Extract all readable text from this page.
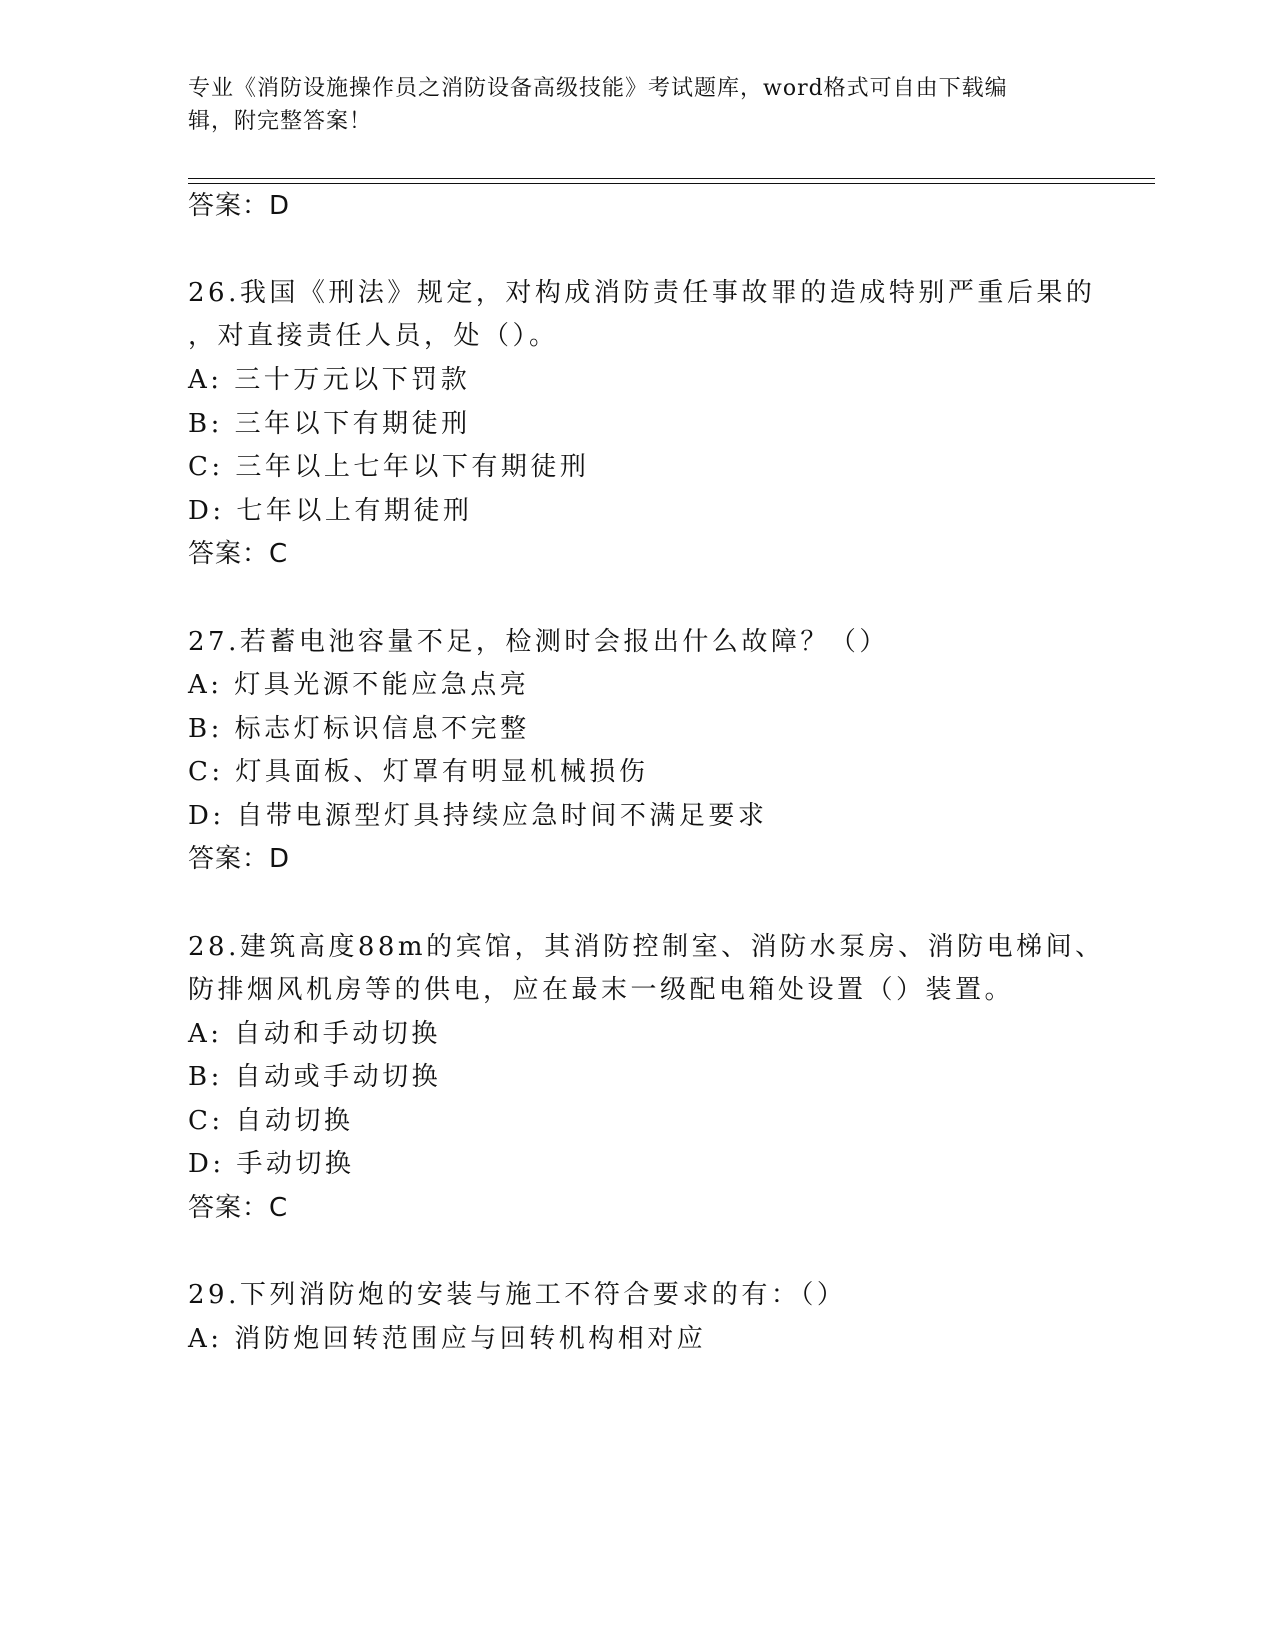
专业《消防设施操作员之消防设备高级技能》考试题库，word格式可自由下载编
辑，附完整答案！
答案：D
26.我国《刑法》规定，对构成消防责任事故罪的造成特别严重后果的
，对直接责任人员，处（）。
A: 三十万元以下罚款
B: 三年以下有期徒刑
C: 三年以上七年以下有期徒刑
D: 七年以上有期徒刑
答案：C
27.若蓄电池容量不足，检测时会报出什么故障？（）
A: 灯具光源不能应急点亮
B: 标志灯标识信息不完整
C: 灯具面板、灯罩有明显机械损伤
D: 自带电源型灯具持续应急时间不满足要求
答案：D
28.建筑高度88m的宾馆，其消防控制室、消防水泵房、消防电梯间、
防排烟风机房等的供电，应在最末一级配电箱处设置（）装置。
A: 自动和手动切换
B: 自动或手动切换
C: 自动切换
D: 手动切换
答案：C
29.下列消防炮的安装与施工不符合要求的有：（）
A: 消防炮回转范围应与回转机构相对应
